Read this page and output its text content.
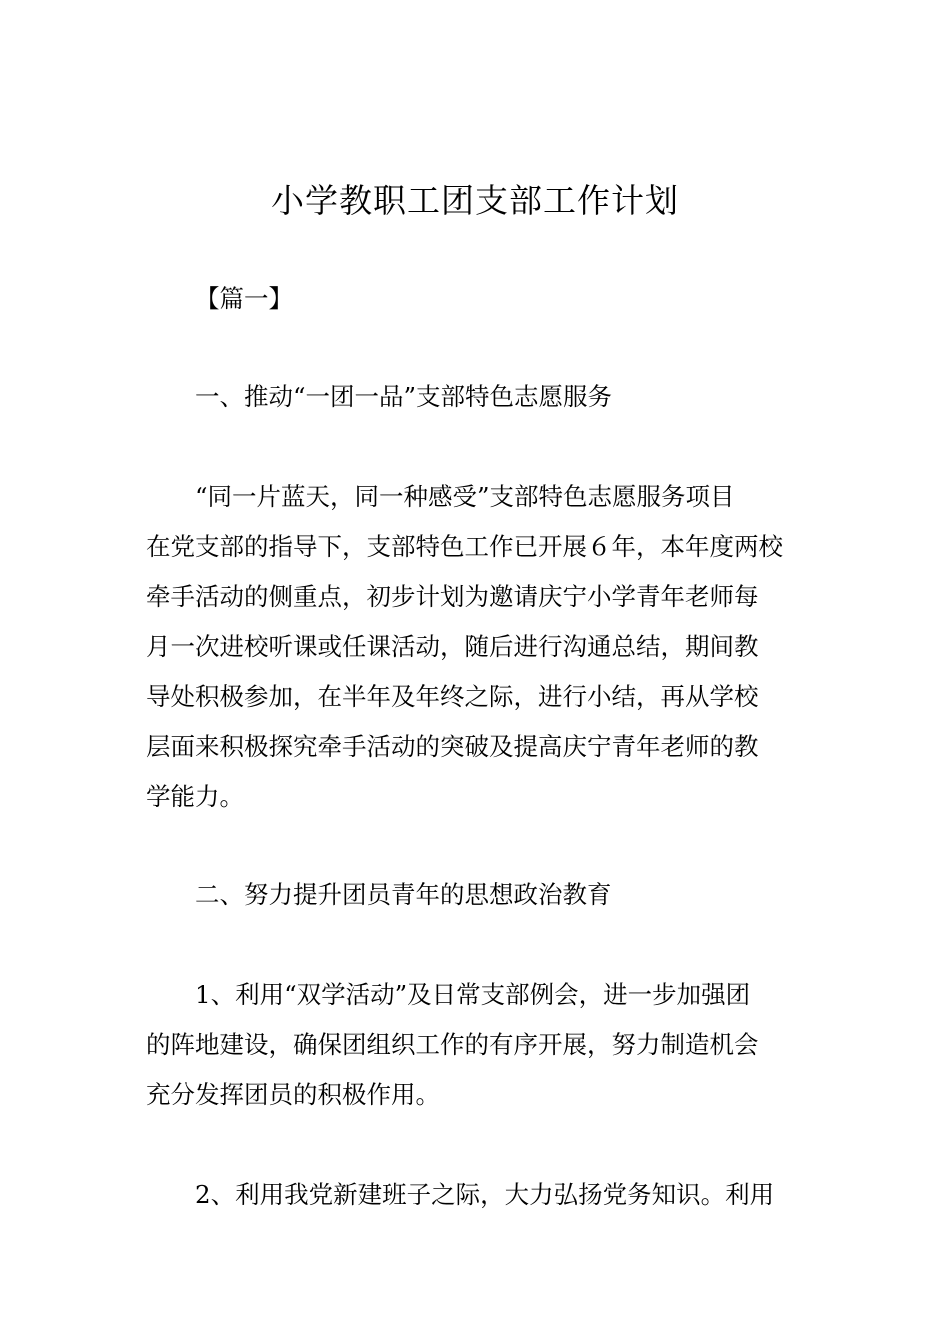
小学教职工团支部工作计划

【篇一】

一、推动“一团一品”支部特色志愿服务

“同一片蓝天，同一种感受”支部特色志愿服务项目
在党支部的指导下，支部特色工作已开展６年，本年度两校
牵手活动的侧重点，初步计划为邀请庆宁小学青年老师每
月一次进校听课或任课活动，随后进行沟通总结，期间教
导处积极参加，在半年及年终之际，进行小结，再从学校
层面来积极探究牵手活动的突破及提高庆宁青年老师的教
学能力。

二、努力提升团员青年的思想政治教育

1、利用“双学活动”及日常支部例会，进一步加强团
的阵地建设，确保团组织工作的有序开展，努力制造机会
充分发挥团员的积极作用。
2、利用我党新建班子之际，大力弘扬党务知识。利用
